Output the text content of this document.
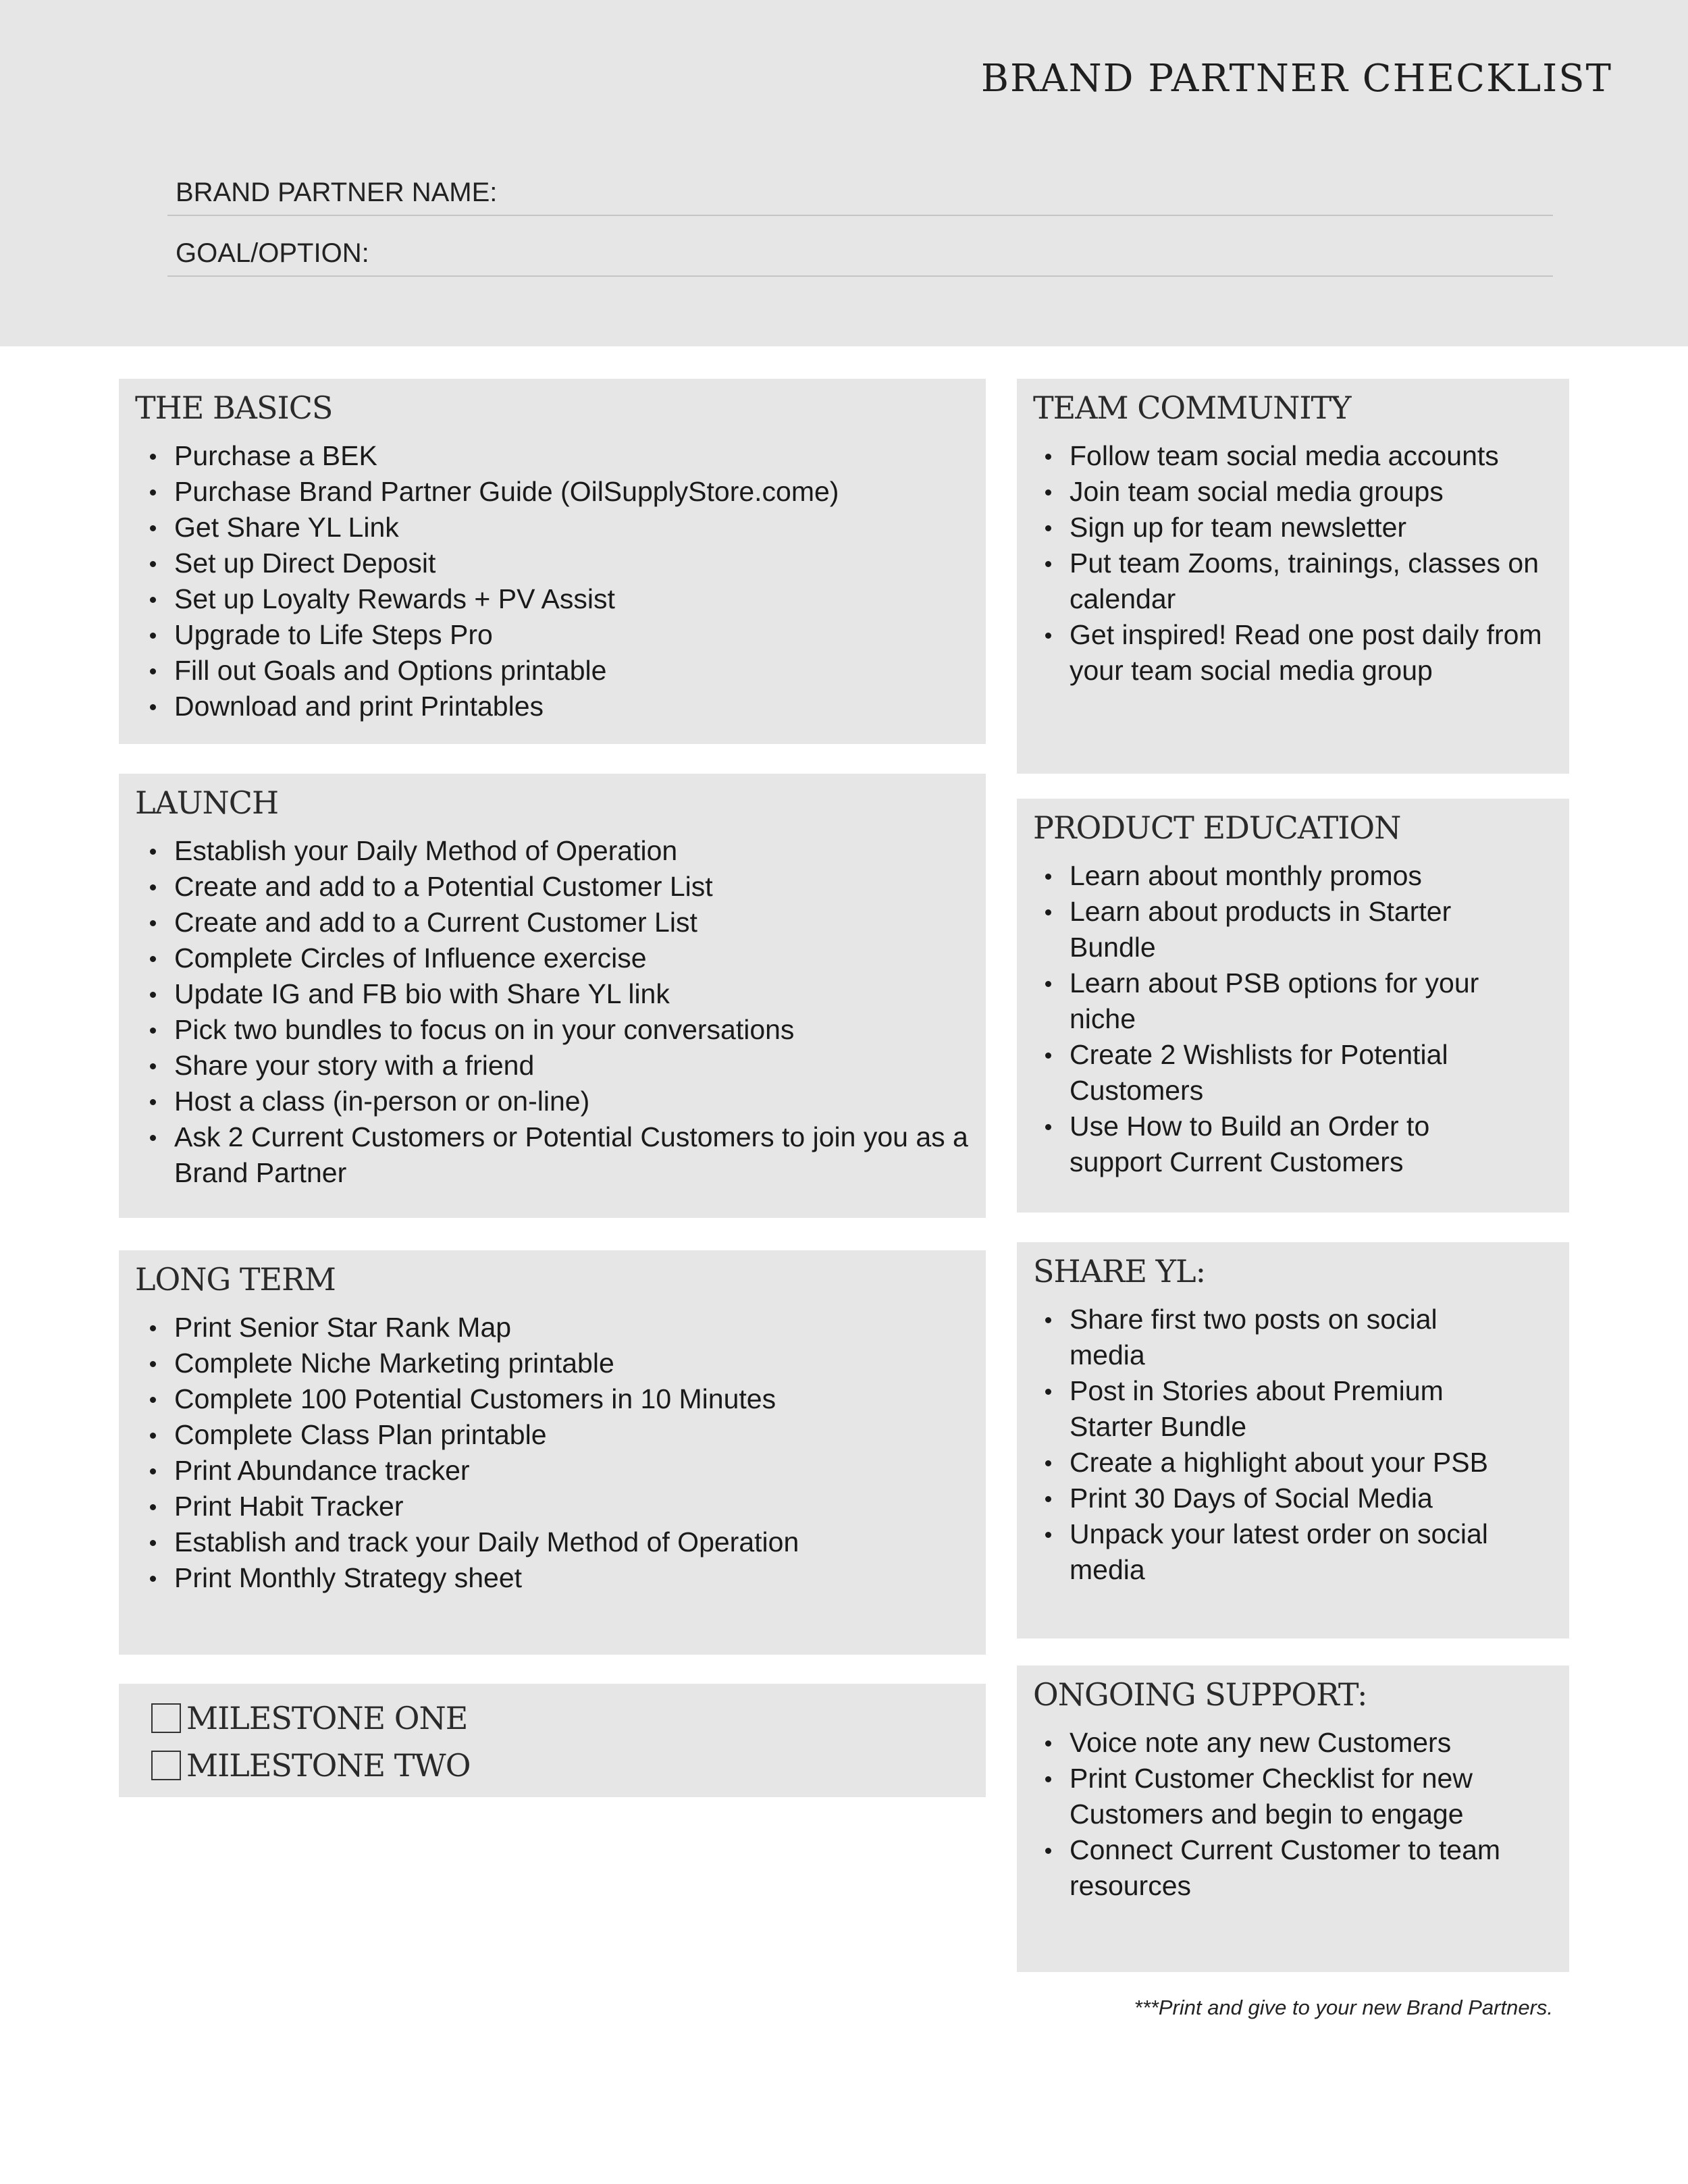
BRAND PARTNER CHECKLIST
BRAND PARTNER NAME:
GOAL/OPTION:
THE BASICS
Purchase a BEK
Purchase Brand Partner Guide (OilSupplyStore.come)
Get Share YL Link
Set up Direct Deposit
Set up Loyalty Rewards + PV Assist
Upgrade to Life Steps Pro
Fill out Goals and Options printable
Download and print Printables
LAUNCH
Establish your Daily Method of Operation
Create and add to a Potential Customer List
Create and add to a Current Customer List
Complete Circles of Influence exercise
Update IG and FB bio with Share YL link
Pick two bundles to focus on in your conversations
Share your story with a friend
Host a class (in-person or on-line)
Ask 2 Current Customers or Potential Customers to join you as a Brand Partner
LONG TERM
Print Senior Star Rank Map
Complete Niche Marketing printable
Complete 100 Potential Customers in 10 Minutes
Complete Class Plan printable
Print Abundance tracker
Print Habit Tracker
Establish and track your Daily Method of Operation
Print Monthly Strategy sheet
MILESTONE ONE
MILESTONE TWO
TEAM COMMUNITY
Follow team social media accounts
Join team social media groups
Sign up for team newsletter
Put team Zooms, trainings, classes on calendar
Get inspired! Read one post daily from your team social media group
PRODUCT EDUCATION
Learn about monthly promos
Learn about products in Starter Bundle
Learn about PSB options for your niche
Create 2 Wishlists for Potential Customers
Use How to Build an Order to support Current Customers
SHARE YL:
Share first two posts on social media
Post in Stories about Premium Starter Bundle
Create a highlight about your PSB
Print 30 Days of Social Media
Unpack your latest order on social media
ONGOING SUPPORT:
Voice note any new Customers
Print Customer Checklist for new Customers and begin to engage
Connect Current Customer to team resources
***Print and give to your new Brand Partners.
